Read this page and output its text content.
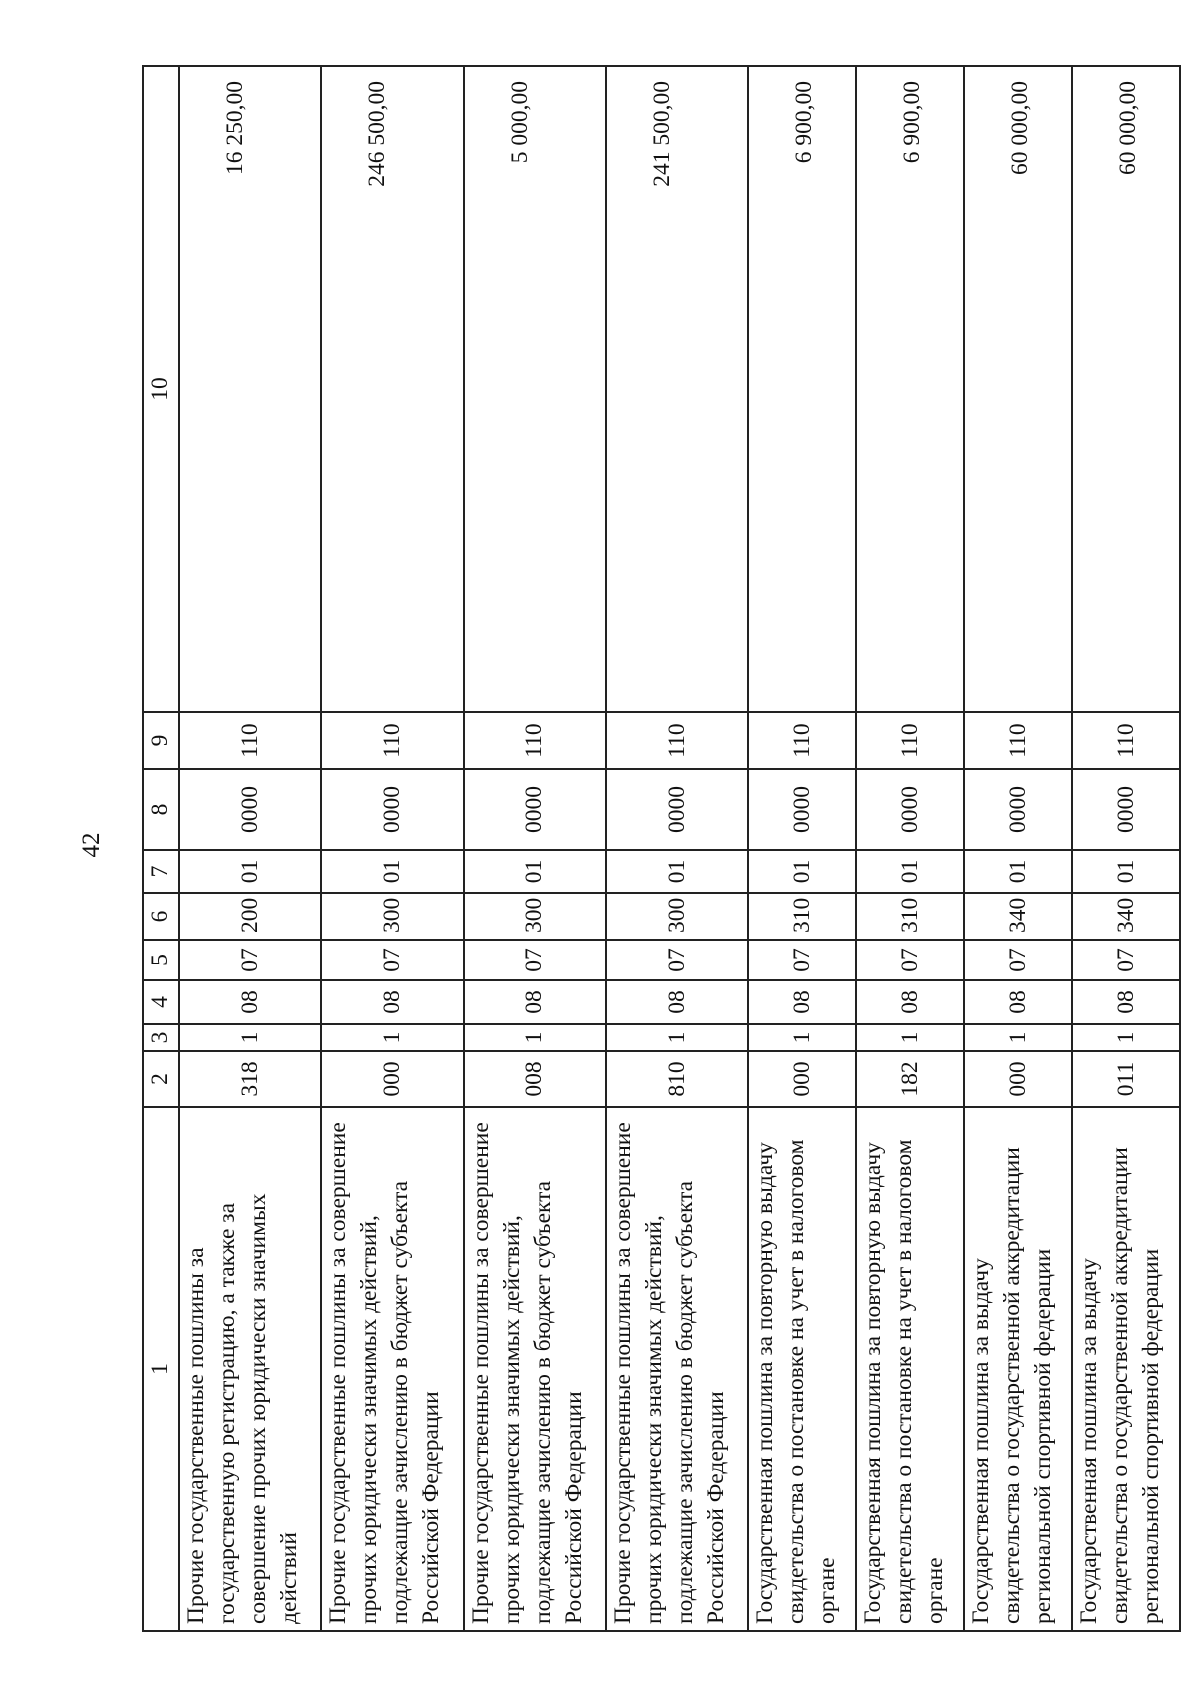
42
1	2	3	4	5	6	7	8	9	10
Прочие государственные пошлины за государственную регистрацию, а также за совершение прочих юридически значимых действий	318	1	08	07	200	01	0000	110	16 250,00
Прочие государственные пошлины за совершение прочих юридически значимых действий, подлежащие зачислению в бюджет субъекта Российской Федерации	000	1	08	07	300	01	0000	110	246 500,00
Прочие государственные пошлины за совершение прочих юридически значимых действий, подлежащие зачислению в бюджет субъекта Российской Федерации	008	1	08	07	300	01	0000	110	5 000,00
Прочие государственные пошлины за совершение прочих юридически значимых действий, подлежащие зачислению в бюджет субъекта Российской Федерации	810	1	08	07	300	01	0000	110	241 500,00
Государственная пошлина за повторную выдачу свидетельства о постановке на учет в налоговом органе	000	1	08	07	310	01	0000	110	6 900,00
Государственная пошлина за повторную выдачу свидетельства о постановке на учет в налоговом органе	182	1	08	07	310	01	0000	110	6 900,00
Государственная пошлина за выдачу свидетельства о государственной аккредитации региональной спортивной федерации	000	1	08	07	340	01	0000	110	60 000,00
Государственная пошлина за выдачу свидетельства о государственной аккредитации региональной спортивной федерации	011	1	08	07	340	01	0000	110	60 000,00
